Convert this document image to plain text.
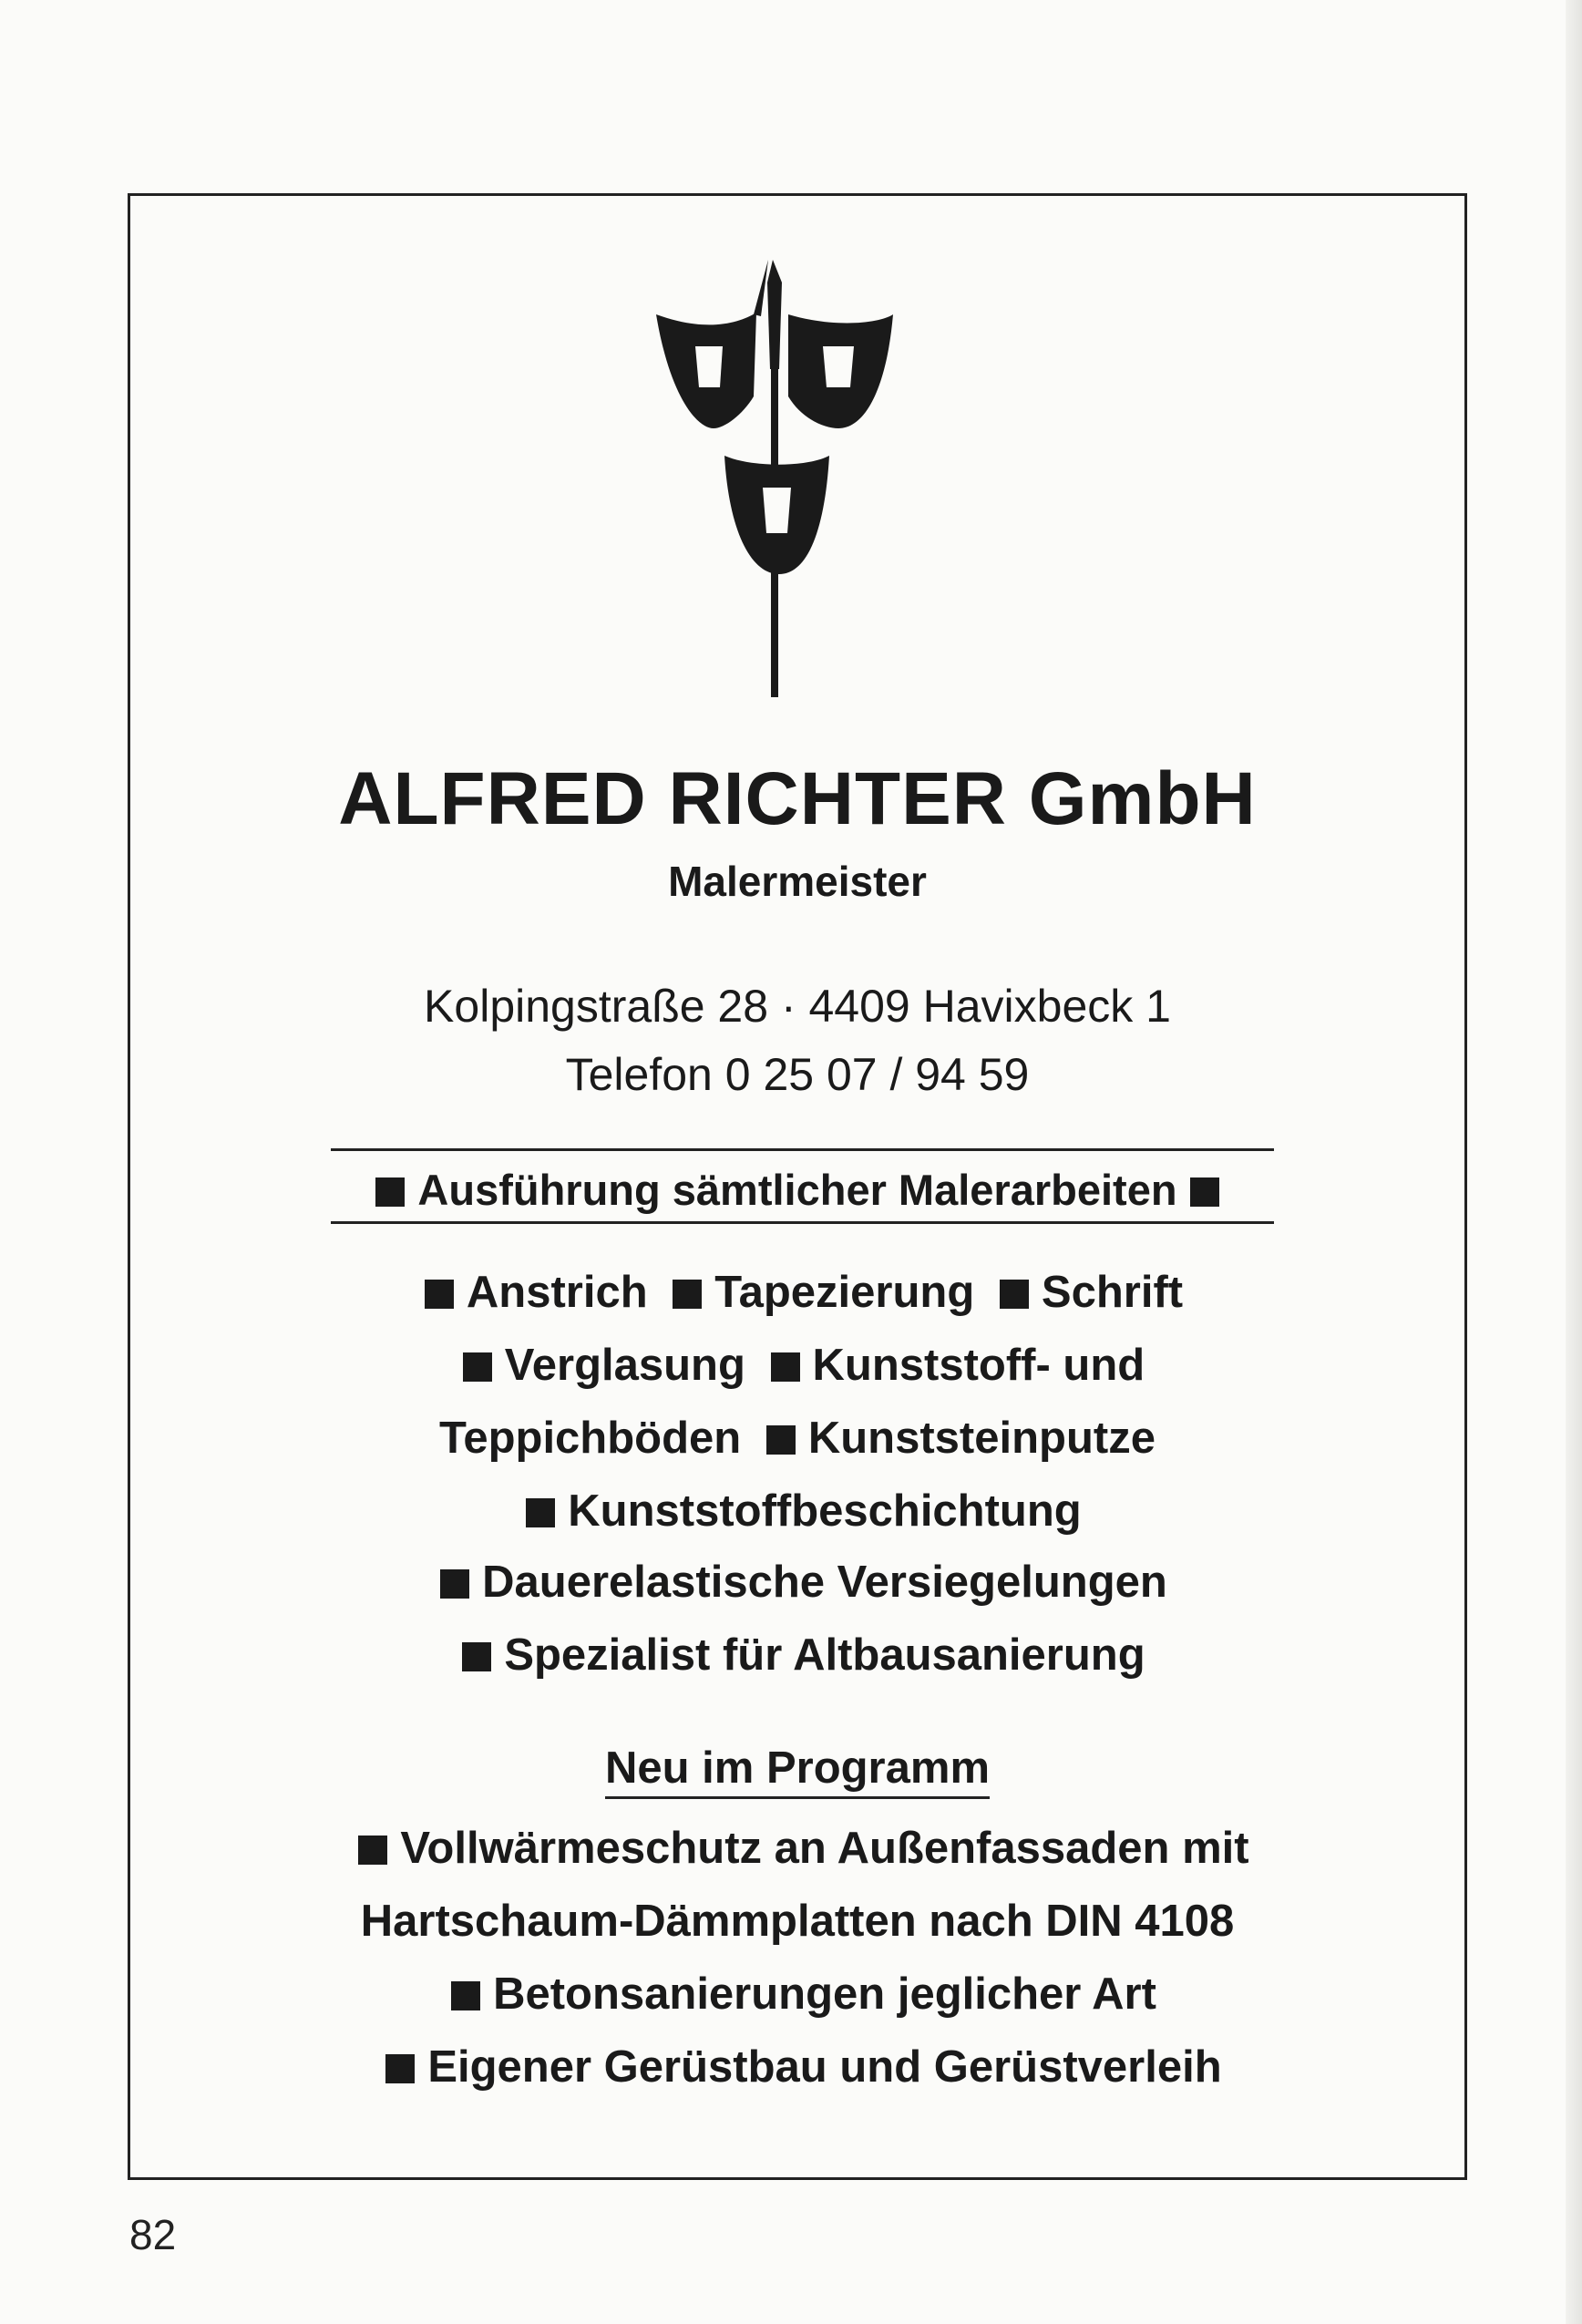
ALFRED RICHTER GmbH
Malermeister
Kolpingstraße 28 · 4409 Havixbeck 1
Telefon 0 25 07 / 94 59
Ausführung sämtlicher Malerarbeiten
Anstrich Tapezierung Schrift
Verglasung Kunststoff- und
Teppichböden Kunststeinputze
Kunststoffbeschichtung
Dauerelastische Versiegelungen
Spezialist für Altbausanierung
Neu im Programm
Vollwärmeschutz an Außenfassaden mit
Hartschaum-Dämmplatten nach DIN 4108
Betonsanierungen jeglicher Art
Eigener Gerüstbau und Gerüstverleih
82
